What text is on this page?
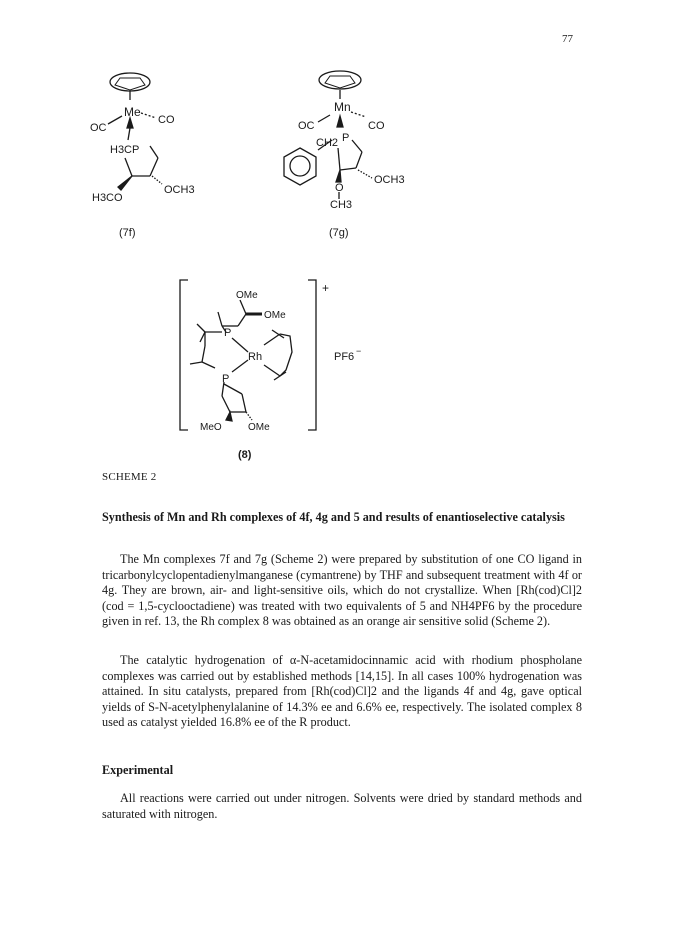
77
Me
OC
CO
H3CP
OCH3
H3CO
(7f)
Mn
OC	CO
CH2 P
OCH3
O
CH3
(7g)
+
OMe
OMe
P
Rh
P
MeO	OMe
PF6 −
(8)
SCHEME 2
Synthesis of Mn and Rh complexes of 4f, 4g and 5 and results of enantioselective catalysis

The Mn complexes 7f and 7g (Scheme 2) were prepared by substitution of one CO ligand in tricarbonylcyclopentadienylmanganese (cymantrene) by THF and subsequent treatment with 4f or 4g. They are brown, air- and light-sensitive oils, which do not crystallize. When [Rh(cod)Cl]2 (cod = 1,5-cyclooctadiene) was treated with two equivalents of 5 and NH4PF6 by the procedure given in ref. 13, the Rh complex 8 was obtained as an orange air sensitive solid (Scheme 2).

The catalytic hydrogenation of α-N-acetamidocinnamic acid with rhodium phospholane complexes was carried out by established methods [14,15]. In all cases 100% hydrogenation was attained. In situ catalysts, prepared from [Rh(cod)Cl]2 and the ligands 4f and 4g, gave optical yields of S-N-acetylphenylalanine of 14.3% ee and 6.6% ee, respectively. The isolated complex 8 used as catalyst yielded 16.8% ee of the R product.

Experimental

All reactions were carried out under nitrogen. Solvents were dried by standard methods and saturated with nitrogen.
